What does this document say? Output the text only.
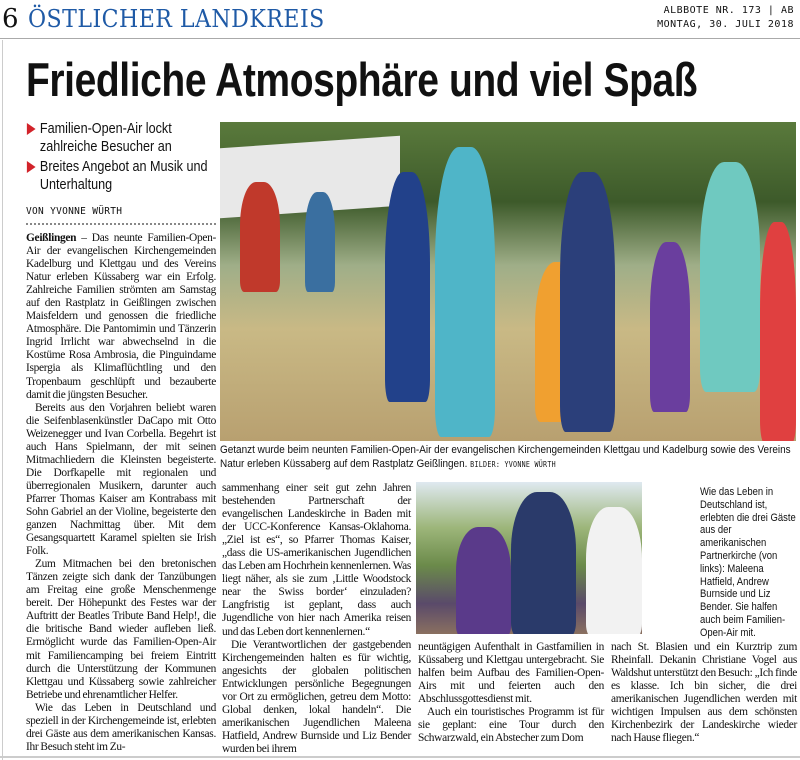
6 ÖSTLICHER LANDKREIS	ALBBOTE NR. 173 | AB
MONTAG, 30. JULI 2018
Friedliche Atmosphäre und viel Spaß
Familien-Open-Air lockt zahlreiche Besucher an
Breites Angebot an Musik und Unterhaltung
VON YVONNE WÜRTH

Geißlingen – Das neunte Familien-Open-Air der evangelischen Kirchengemeinden Kadelburg und Klettgau und des Vereins Natur erleben Küssaberg war ein Erfolg. Zahlreiche Familien strömten am Samstag auf den Rastplatz in Geißlingen zwischen Maisfeldern und genossen die friedliche Atmosphäre. Die Pantomimin und Tänzerin Ingrid Irrlicht war abwechselnd in die Kostüme Rosa Ambrosia, die Pinguindame Ispergia als Klimaflüchtling und den Tropenbaum geschlüpft und bezauberte damit die jüngsten Besucher.

Bereits aus den Vorjahren beliebt waren die Seifenblasenkünstler DaCapo mit Otto Weizenegger und Ivan Corbella. Begehrt ist auch Hans Spielmann, der mit seinen Mitmachliedern die Kleinsten begeisterte. Die Dorfkapelle mit regionalen und überregionalen Musikern, darunter auch Pfarrer Thomas Kaiser am Kontrabass mit Sohn Gabriel an der Violine, begeisterte den ganzen Nachmittag über. Mit dem Gesangsquartett Karamel spielten sie Irish Folk.

Zum Mitmachen bei den bretonischen Tänzen zeigte sich dank der Tanzübungen am Freitag eine große Menschenmenge bereit. Der Höhepunkt des Festes war der Auftritt der Beatles Tribute Band Help!, die die britische Band wieder aufleben ließ. Ermöglicht wurde das Familien-Open-Air mit Familiencamping bei freiem Eintritt durch die Unterstützung der Kommunen Klettgau und Küssaberg sowie zahlreicher Betriebe und ehrenamtlicher Helfer.

Wie das Leben in Deutschland und speziell in der Kirchengemeinde ist, erlebten drei Gäste aus dem amerikanischen Kansas. Ihr Besuch steht im Zu-

Getanzt wurde beim neunten Familien-Open-Air der evangelischen Kirchengemeinden Klettgau und Kadelburg sowie des Vereins Natur erleben Küssaberg auf dem Rastplatz Geißlingen. BILDER: YVONNE WÜRTH

sammenhang einer seit gut zehn Jahren bestehenden Partnerschaft der evangelischen Landeskirche in Baden mit der UCC-Konference Kansas-Oklahoma. „Ziel ist es“, so Pfarrer Thomas Kaiser, „dass die US-amerikanischen Jugendlichen das Leben am Hochrhein kennenlernen. Was liegt näher, als sie zum ‚Little Woodstock near the Swiss border‘ einzuladen? Langfristig ist geplant, dass auch Jugendliche von hier nach Amerika reisen und das Leben dort kennenlernen.“

Die Verantwortlichen der gastgebenden Kirchengemeinden halten es für wichtig, angesichts der globalen politischen Entwicklungen persönliche Begegnungen vor Ort zu ermöglichen, getreu dem Motto: Global denken, lokal handeln“. Die amerikanischen Jugendlichen Maleena Hatfield, Andrew Burnside und Liz Bender wurden bei ihrem

Wie das Leben in Deutschland ist, erlebten die drei Gäste aus der amerikanischen Partnerkirche (von links): Maleena Hatfield, Andrew Burnside und Liz Bender. Sie halfen auch beim Familien-Open-Air mit.

neuntägigen Aufenthalt in Gastfamilien in Küssaberg und Klettgau untergebracht. Sie halfen beim Aufbau des Familien-Open-Airs mit und feierten auch den Abschlussgottesdienst mit.

Auch ein touristisches Programm ist für sie geplant: eine Tour durch den Schwarzwald, ein Abstecher zum Dom

nach St. Blasien und ein Kurztrip zum Rheinfall. Dekanin Christiane Vogel aus Waldshut unterstützt den Besuch: „Ich finde es klasse. Ich bin sicher, die drei amerikanischen Jugendlichen werden mit wichtigen Impulsen aus dem schönsten Kirchenbezirk der Landeskirche wieder nach Hause fliegen.“
